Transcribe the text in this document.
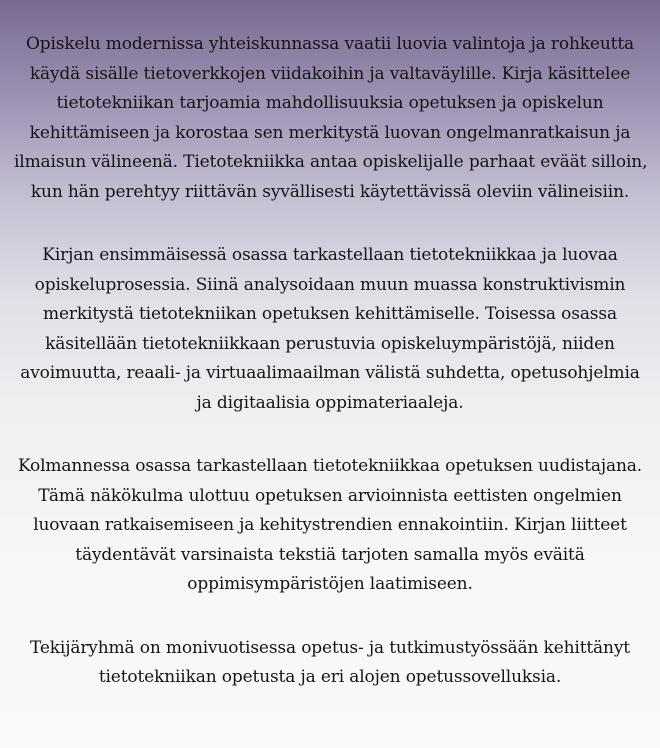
Opiskelu modernissa yhteiskunnassa vaatii luovia valintoja ja rohkeutta
käydä sisälle tietoverkkojen viidakoihin ja valtaväylille. Kirja käsittelee
tietotekniikan tarjoamia mahdollisuuksia opetuksen ja opiskelun
kehittämiseen ja korostaa sen merkitystä luovan ongelmanratkaisun ja
ilmaisun välineenä. Tietotekniikka antaa opiskelijalle parhaat eväät silloin,
kun hän perehtyy riittävän syvällisesti käytettävissä oleviin välineisiin.
Kirjan ensimmäisessä osassa tarkastellaan tietotekniikkaa ja luovaa
opiskeluprosessia. Siinä analysoidaan muun muassa konstruktivismin
merkitystä tietotekniikan opetuksen kehittämiselle. Toisessa osassa
käsitellään tietotekniikkaan perustuvia opiskeluympäristöjä, niiden
avoimuutta, reaali- ja virtuaalimaailman välistä suhdetta, opetusohjelmia
ja digitaalisia oppimateriaaleja.
Kolmannessa osassa tarkastellaan tietotekniikkaa opetuksen uudistajana.
Tämä näkökulma ulottuu opetuksen arvioinnista eettisten ongelmien
luovaan ratkaisemiseen ja kehitystrendien ennakointiin. Kirjan liitteet
täydentävät varsinaista tekstiä tarjoten samalla myös eväitä
oppimisympäristöjen laatimiseen.
Tekijäryhmä on monivuotisessa opetus- ja tutkimustyössään kehittänyt
tietotekniikan opetusta ja eri alojen opetussovelluksia.
